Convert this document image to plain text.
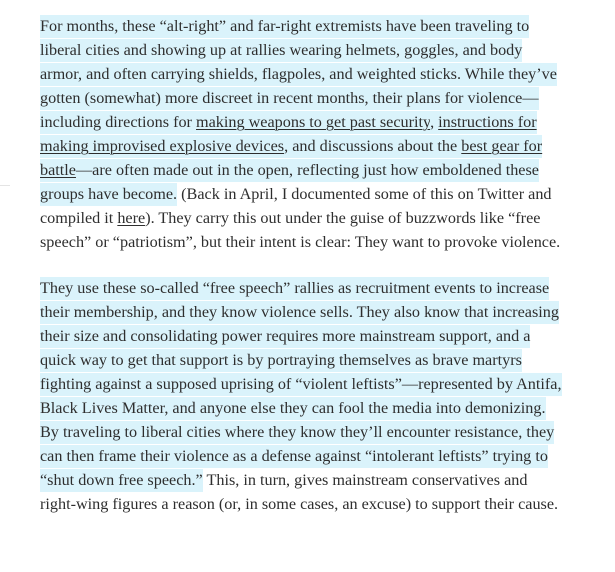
For months, these “alt-right” and far-right extremists have been traveling to liberal cities and showing up at rallies wearing helmets, goggles, and body armor, and often carrying shields, flagpoles, and weighted sticks. While they’ve gotten (somewhat) more discreet in recent months, their plans for violence—including directions for making weapons to get past security, instructions for making improvised explosive devices, and discussions about the best gear for battle—are often made out in the open, reflecting just how emboldened these groups have become. (Back in April, I documented some of this on Twitter and compiled it here). They carry this out under the guise of buzzwords like “free speech” or “patriotism”, but their intent is clear: They want to provoke violence.

They use these so-called “free speech” rallies as recruitment events to increase their membership, and they know violence sells. They also know that increasing their size and consolidating power requires more mainstream support, and a quick way to get that support is by portraying themselves as brave martyrs fighting against a supposed uprising of “violent leftists”—represented by Antifa, Black Lives Matter, and anyone else they can fool the media into demonizing. By traveling to liberal cities where they know they’ll encounter resistance, they can then frame their violence as a defense against “intolerant leftists” trying to “shut down free speech.” This, in turn, gives mainstream conservatives and right-wing figures a reason (or, in some cases, an excuse) to support their cause.
